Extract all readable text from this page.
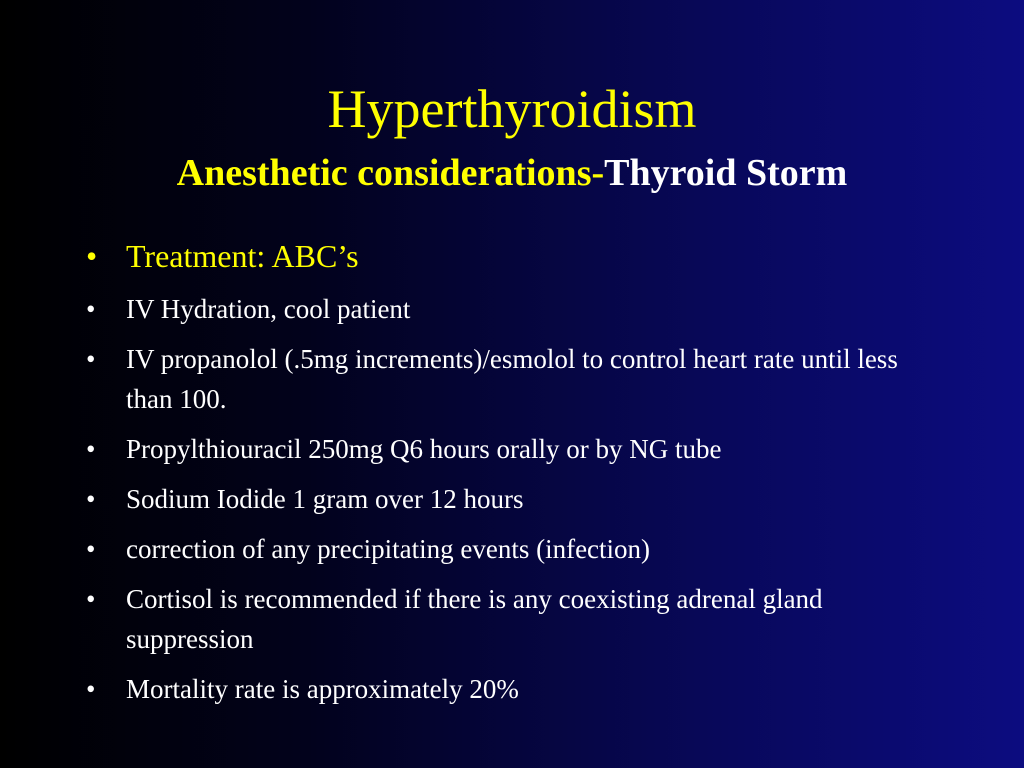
Hyperthyroidism
Anesthetic considerations-Thyroid Storm
• Treatment: ABC’s
• IV Hydration, cool patient
• IV propanolol (.5mg increments)/esmolol to control heart rate until less than 100.
• Propylthiouracil 250mg Q6 hours orally or by NG tube
• Sodium Iodide 1 gram over 12 hours
• correction of any precipitating events (infection)
• Cortisol is recommended if there is any coexisting adrenal gland suppression
• Mortality rate is approximately 20%
